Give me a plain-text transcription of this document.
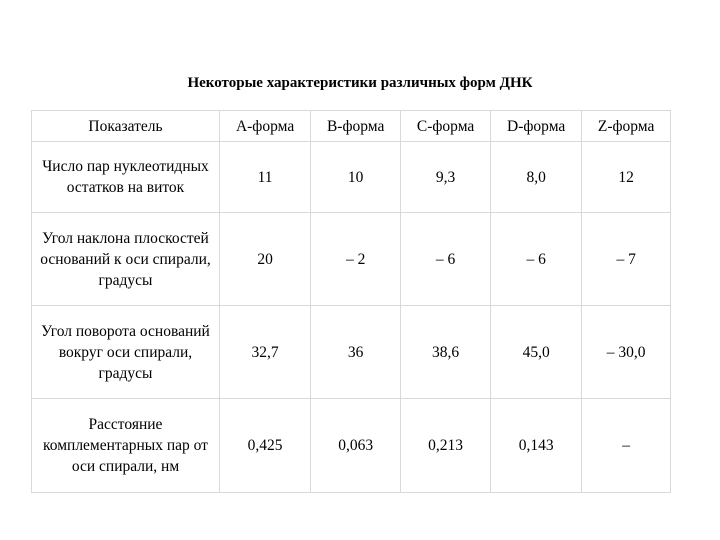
Некоторые характеристики различных форм ДНК
Показатель	А-форма	В-форма	С-форма	D-форма	Z-форма
Число пар нуклеотидных остатков на виток	11	10	9,3	8,0	12
Угол наклона плоскостей оснований к оси спирали, градусы	20	– 2	– 6	– 6	– 7
Угол поворота оснований вокруг оси спирали, градусы	32,7	36	38,6	45,0	– 30,0
Расстояние комплементарных пар от оси спирали, нм	0,425	0,063	0,213	0,143	–
